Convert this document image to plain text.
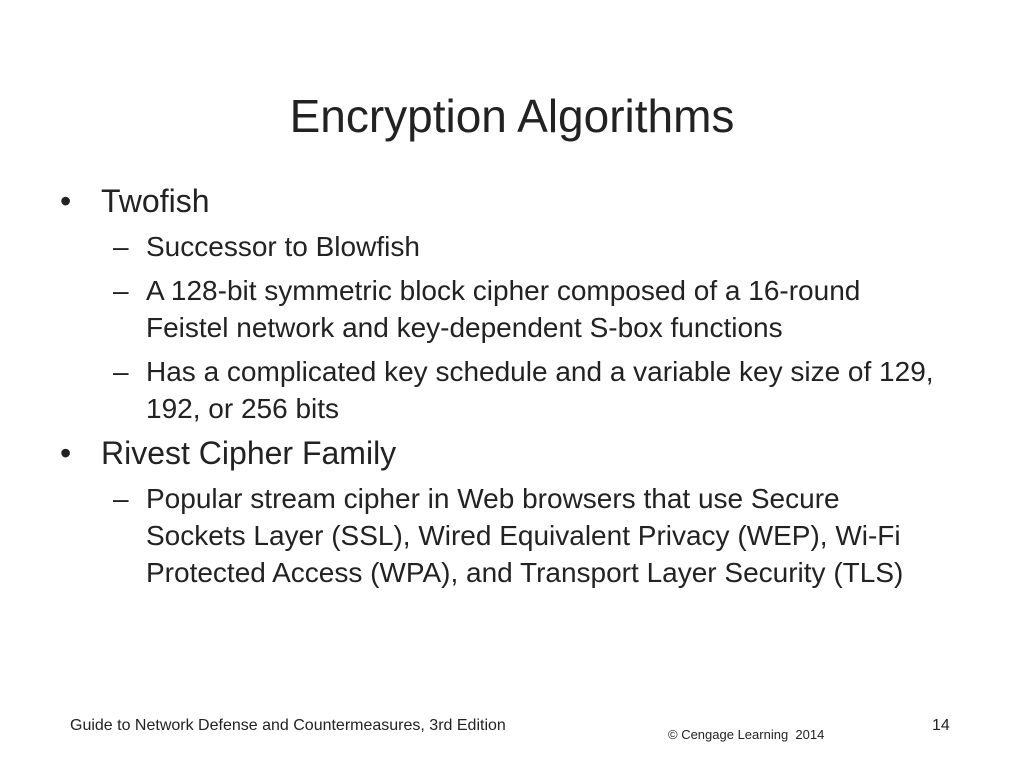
Encryption Algorithms
• Twofish
– Successor to Blowfish
– A 128-bit symmetric block cipher composed of a 16-round Feistel network and key-dependent S-box functions
– Has a complicated key schedule and a variable key size of 129, 192, or 256 bits
• Rivest Cipher Family
– Popular stream cipher in Web browsers that use Secure Sockets Layer (SSL), Wired Equivalent Privacy (WEP), Wi-Fi Protected Access (WPA), and Transport Layer Security (TLS)
Guide to Network Defense and Countermeasures, 3rd Edition
© Cengage Learning  2014
14
